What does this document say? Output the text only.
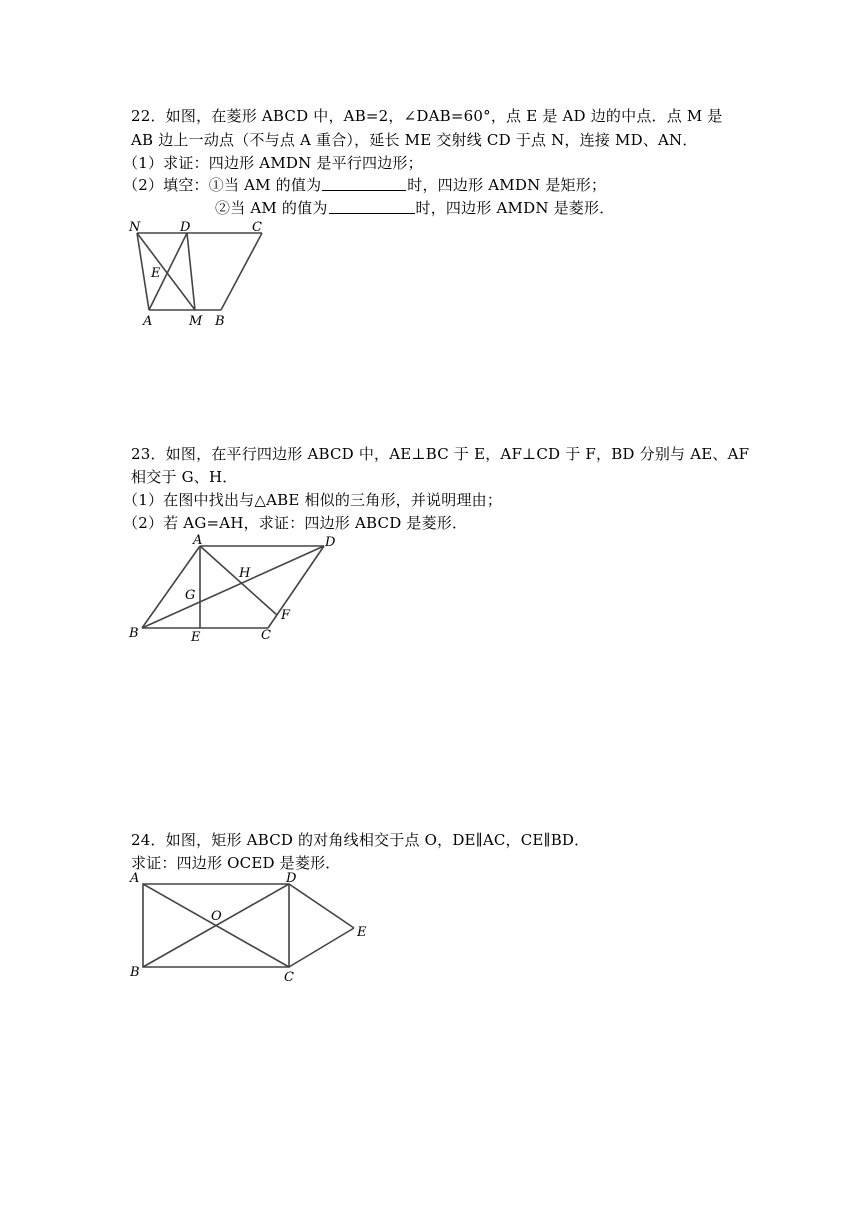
22．如图，在菱形 ABCD 中，AB=2，∠DAB=60°，点 E 是 AD 边的中点．点 M 是
AB 边上一动点（不与点 A 重合），延长 ME 交射线 CD 于点 N，连接 MD、AN．
（1）求证：四边形 AMDN 是平行四边形；
（2）填空：①当 AM 的值为	时，四边形 AMDN 是矩形；
②当 AM 的值为	时，四边形 AMDN 是菱形．
N	D	C
E
A	M B
A	D
H
G
F
B	E	C
A	D
O
E
B	C
23．如图，在平行四边形 ABCD 中，AE⊥BC 于 E，AF⊥CD 于 F，BD 分别与 AE、AF
相交于 G、H．
（1）在图中找出与△ABE 相似的三角形，并说明理由；
（2）若 AG=AH，求证：四边形 ABCD 是菱形．
24．如图，矩形 ABCD 的对角线相交于点 O，DE∥AC，CE∥BD．
求证：四边形 OCED 是菱形．
